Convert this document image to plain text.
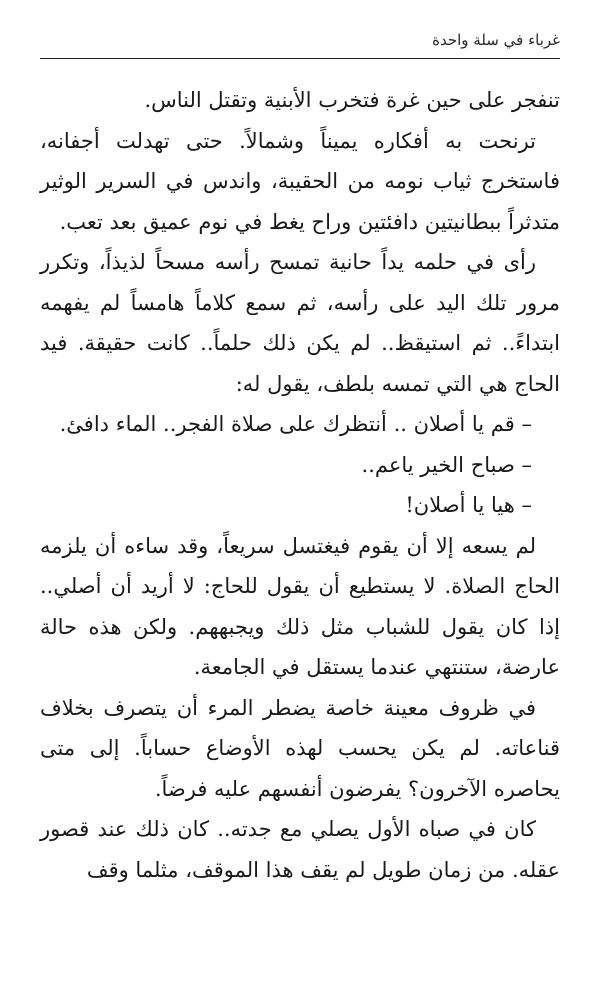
غرباء في سلة واحدة

تنفجر على حين غرة فتخرب الأبنية وتقتل الناس.

ترنحت به أفكاره يميناً وشمالاً. حتى تهدلت أجفانه، فاستخرج ثياب نومه من الحقيبة، واندس في السرير الوثير متدثراً ببطانيتين دافئتين وراح يغط في نوم عميق بعد تعب.

رأى في حلمه يداً حانية تمسح رأسه مسحاً لذيذاً، وتكرر مرور تلك اليد على رأسه، ثم سمع كلاماً هامساً لم يفهمه ابتداءً.. ثم استيقظ.. لم يكن ذلك حلماً.. كانت حقيقة. فيد الحاج هي التي تمسه بلطف، يقول له:

– قم يا أصلان .. أنتظرك على صلاة الفجر.. الماء دافئ.

– صباح الخير ياعم..

– هيا يا أصلان!

لم يسعه إلا أن يقوم فيغتسل سريعاً، وقد ساءه أن يلزمه الحاج الصلاة. لا يستطيع أن يقول للحاج: لا أريد أن أصلي.. إذا كان يقول للشباب مثل ذلك ويجبههم. ولكن هذه حالة عارضة، ستنتهي عندما يستقل في الجامعة.

في ظروف معينة خاصة يضطر المرء أن يتصرف بخلاف قناعاته. لم يكن يحسب لهذه الأوضاع حساباً. إلى متى يحاصره الآخرون؟ يفرضون أنفسهم عليه فرضاً.

كان في صباه الأول يصلي مع جدته.. كان ذلك عند قصور عقله. من زمان طويل لم يقف هذا الموقف، مثلما وقف
